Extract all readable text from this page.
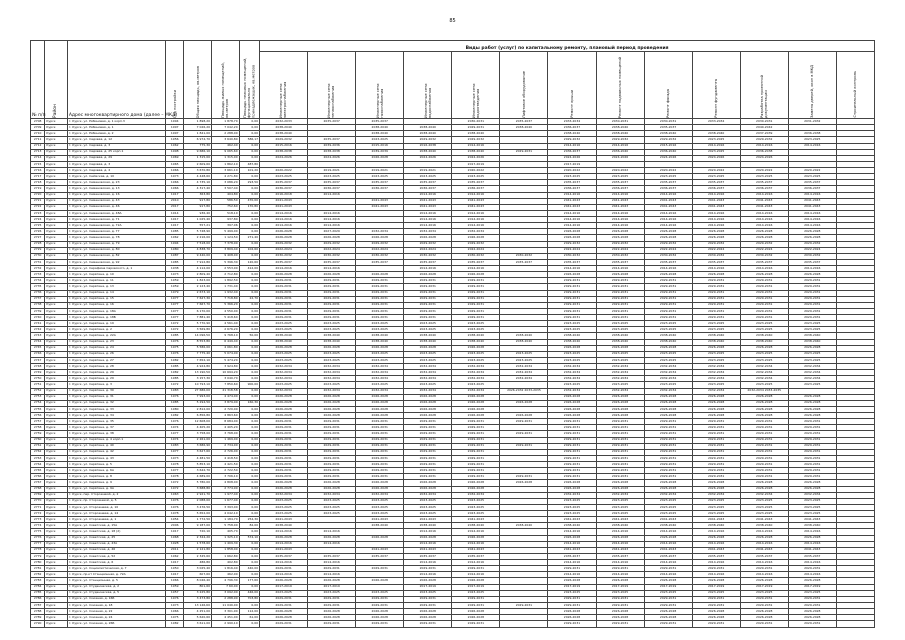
85
№ п/п	Район	Адрес многоквартирного дома (далее – МКД)	Год постройки	Общая площадь, кв.метров	Площадь жилых помещений, кв.метров	Площадь нежилых помещений, функционально принадлежащих, кв.метров	Виды работ (услуг) по капитальному ремонту, плановый период проведения												

							Инженерные сети электроснабжения	Инженерные сети теплоснабжения	Инженерные сети газоснабжения	Инженерные сети водоснабжения	Инженерные сети водоотведения	Лифтовое оборудование	Ремонт крыши	Ремонт подвальных помещений	Ремонт фасада	Ремонт фундамента	Разработка проектной документации	Замена дверей, окон в МКД	Строительный контроль

2708	Курск	г. Курск, ул. Рябиновая, д. 1 корп.3	1994	1 898,20	1 878,70	0,00	2032-2033	2035-2037	2035-2037		2030-2031	2035-2037	2033-2034	2030-2031	2030-2031	2033-2034	2030-2031	2031-2032	
2709	Курск	г. Курск, ул. Рябиновая, д. 1	1997	7 026,20	7 042,20	0,00	2038-2040		2038-2040	2038-2040	2029-2031	2038-2040	2036-2037	2038-2040	2035-2037		2040-2042		
2710	Курск	г. Курск, ул. Рябиновая, д. 2	1997	1 841,00	2 288,00	0,00	2038-2040		2038-2040	2038-2040	2038-2040		2038-2040	2038-2040	2038-2040	2038-2040	2037-2039	2036-2038	
2711	Курск	г. Курск, ул. Садовая, д. 12	1956	6 974,70	3 640,80	586,17	2029-2032	2035-2037	2023-2025	2029-2032	2029-2032		2029-2032	2029-2032	2029-2032	2023-2025	2029-2032	2023-2025	
2712	Курск	г. Курск, ул. Садовая, д. 3	1962	775,30	462,40	0,00	2015-2016	2039-2036	2015-2016	2016-2038	2014-2016		2014-2016	2014-2016	2015-2016	2014-2016	2014-2016	2014-2016	
2713	Курск	г. Курск, ул. Садовая, д. 25 корп.1	1998	9 686,10	9 065,60	0,00	2038-2038	2038-2038	2039-2039	2038-2040	2038-2040	2029-2031	2036-2037	2036-2040	2036-2040	2023-2025	2036-2038		
2714	Курск	г. Курск, ул. Садовая, д. 29	1969	1 315,00	1 315,00	0,00	2024-2026	2024-2026	2026-2028	2024-2026	2024-2026		2024-2026	2024-2026	2024-2026	2024-2026	2024-2026		
2715	Курск	г. Курск, ул. Садовая, д. 3	1965	2 609,60	1 862,10	487,80					2017-2019		2017-2019						
2716	Курск	г. Курск, ул. Садовая, д. 4	1966	3 670,80	3 661,10	101,20	2020-2022	2019-2021	2019-2021	2019-2021	2020-2022		2020-2022	2020-2022	2020-2022	2020-2022	2020-2022	2020-2022	
2717	Курск	г. Курск, ул. Сеймская, д. 10	1973	4 448,60	4 271,80	0,00	2023-2025	2023-2025	2023-2025	2023-2025	2023-2025		2023-2025	2023-2025	2023-2025	2023-2025	2023-2025	2023-2025	
2718	Курск	г. Курск, ул. Семеновская, д. 23	1966	4 735,10	3 086,20	293,50	2035-2037	2035-2037	2035-2037	2035-2037	2035-2037		2035-2037	2035-2037	2035-2037	2035-2037	2035-2037	2035-2037	
2719	Курск	г. Курск, ул. Семеновская, д. 13	1966	4 317,40	3 507,40	0,00	2036-2037	2036-2037	2036-2037	2036-2037	2036-2037		2036-2037	2036-2037	2036-2037	2036-2037	2036-2037	2036-2037	
2720	Курск	г. Курск, ул. Семеновская, д. 16	1917	363,80	404,80	0,00	2016-2018	2014-2016		2014-2016	2014-2016		2014-2016	2014-2016	2014-2016	2014-2016	2014-2016	2014-2016	
2721	Курск	г. Курск, ул. Семеновская, д. 43	2010	917,80	586,50	470,00	2041-2043		2041-2043	2041-2043	2041-2043		2041-2043	2041-2043	2041-2043	2041-2043	2041-2043	2041-2043	
2722	Курск	г. Курск, ул. Семеновская, д. 46	2017	917,80	752,60	170,80	2041-2043		2041-2043	2041-2043	2041-2043		2041-2043	2041-2043	2041-2043	2041-2043	2041-2043	2041-2043	
2723	Курск	г. Курск, ул. Семеновская, д. 48А	1914	936,40	518,10	0,00	2014-2016	2014-2016		2014-2016	2014-2016		2014-2016	2014-2016	2014-2016	2014-2016	2014-2016	2014-2016	
2724	Курск	г. Курск, ул. Семеновская, д. 71	1917	1 025,40	937,80	0,00	2014-2016	2014-2016		2014-2016	2014-2016		2014-2016	2014-2016	2014-2016	2014-2016	2014-2016	2014-2016	
2725	Курск	г. Курск, ул. Семеновская, д. 72А	1917	557,21	397,06	0,00	2014-2016	2014-2016		2014-2016	2014-2016		2014-2016	2014-2016	2014-2016	2014-2016	2014-2016	2014-2016	
2726	Курск	г. Курск, ул. Семеновская, д. 77	1985	5 748,90	5 499,00	0,00	2026-2028	2027-2029	2032-2034	2032-2034	2032-2034		2026-2028	2026-2028	2026-2028	2026-2028	2026-2028	2026-2028	
2727	Курск	г. Курск, ул. Семеновская, д. 78	1962	2 216,00	1 124,50	271,40	2026-2028	2026-2028	2026-2028	2026-2028	2026-2028		2026-2028	2026-2028	2026-2028	2026-2028	2026-2028	2026-2028	
2728	Курск	г. Курск, ул. Семеновская, д. 79	1994	7 518,00	7 378,00	0,00	2029-2032	2029-2032	2029-2032	2029-2032	2029-2032		2029-2032	2029-2032	2029-2032	2029-2032	2029-2032	2029-2032	
2729	Курск	г. Курск, ул. Семеновская, д. 80	1980	4 838,70	3 809,40	102,60	2022-2024	2022-2024	2022-2024	2022-2024	2022-2024		2022-2024	2022-2024	2022-2024	2022-2024	2022-2024	2022-2024	
2730	Курск	г. Курск, ул. Семеновская, д. 82	1987	9 440,00	9 408,00	0,00	2030-2032	2030-2032	2030-2032	2030-2032	2030-2032	2030-2032	2030-2032	2030-2032	2030-2032	2030-2032	2030-2032	2030-2032	
2731	Курск	г. Курск, ул. Семеновская, д. 92	1985	7 912,80	5 396,30	120,60	2035-2037	2035-2037	2035-2037	2035-2037	2035-2037	2035-2037	2035-2037	2035-2037	2035-2037	2035-2037	2035-2037	2035-2037	
2732	Курск	г. Курск, ул. Серафима Саровского, д. 1	1938	4 112,00	2 553,00	412,00	2014-2016	2014-2016		2014-2016	2014-2016		2014-2016	2014-2016	2014-2016	2014-2016	2014-2016	2014-2016	
2733	Курск	г. Курск, ул. Серёгина, д. 10	1973	2 809,40	2 712,80	0,00	2026-2028	2026-2028	2026-2028	2026-2028	2026-2028		2026-2028	2026-2028	2026-2028	2026-2028	2026-2028	2026-2028	
2734	Курск	г. Курск, ул. Серёгина, д. 11	1959	1 823,00	1 892,50	0,00	2029-2031	2029-2031	2029-2031	2029-2031	2029-2031		2029-2031	2029-2031	2029-2031	2029-2031	2029-2031	2029-2031	
2735	Курск	г. Курск, ул. Серёгина, д. 13	1959	2 123,40	1 731,40	0,00	2029-2031	2029-2031	2029-2031	2029-2031	2029-2031		2029-2031	2029-2031	2029-2031	2029-2031	2029-2031	2029-2031	
2736	Курск	г. Курск, ул. Серёгина, д. 14	1979	2 673,10	1 932,40	0,00	2029-2031	2029-2031	2029-2031	2029-2031	2029-2031		2029-2031	2029-2031	2029-2031	2029-2031	2029-2031	2029-2031	
2737	Курск	г. Курск, ул. Серёгина, д. 15	1977	7 627,30	7 718,80	22,70	2029-2031	2029-2031	2029-2031	2029-2031	2029-2031		2029-2031	2029-2031	2029-2031	2029-2031	2029-2031	2029-2031	
2738	Курск	г. Курск, ул. Серёгина, д. 16	1977	7 667,70	5 366,20	0,00	2029-2031	2029-2031	2029-2031	2029-2031	2029-2031		2029-2031	2029-2031	2029-2031	2029-2031	2029-2031	2029-2031	
2739	Курск	г. Курск, ул. Серёгина, д. 18А	1977	6 170,00	4 550,00	0,00	2029-2031	2029-2031	2029-2031	2029-2031	2029-2031		2029-2031	2029-2031	2029-2031	2029-2031	2029-2031	2029-2031	
2740	Курск	г. Курск, ул. Серёгина, д. 18Б	1977	7 881,40	5 418,60	0,00	2029-2031	2029-2031	2029-2031	2029-2031	2029-2031		2029-2031	2029-2031	2029-2031	2029-2031	2029-2031	2029-2031	
2741	Курск	г. Курск, ул. Серёгина, д. 19	1972	5 770,90	4 561,40	0,00	2023-2025	2023-2025	2023-2025	2023-2025	2023-2025		2023-2025	2023-2025	2023-2025	2023-2025	2023-2025	2023-2025	
2742	Курск	г. Курск, ул. Серёгина, д. 2	1972	3 569,80	2 676,20	0,00	2023-2025	2023-2025	2023-2025	2023-2025	2023-2025		2023-2025	2023-2025	2023-2025	2023-2025	2023-2025	2023-2025	
2743	Курск	г. Курск, ул. Серёгина, д. 22А	1985	14 096,50	9 768,10	50,00	2038-2040	2038-2040	2038-2040	2038-2040	2038-2040	2038-2040	2038-2040	2038-2040	2038-2040	2038-2040	2038-2040	2038-2040	
2744	Курск	г. Курск, ул. Серёгина, д. 23	1976	8 553,80	6 449,40	0,00	2038-2040	2038-2040	2038-2040	2038-2040	2038-2040	2038-2040	2038-2040	2038-2040	2038-2040	2038-2040	2038-2040	2038-2040	
2745	Курск	г. Курск, ул. Серёгина, д. 24	1975	5 586,00	4 061,80	0,00	2026-2028	2026-2028	2026-2028	2026-2028	2026-2028		2026-2028	2026-2028	2026-2028	2026-2028	2026-2028	2026-2028	
2746	Курск	г. Курск, ул. Серёгина, д. 26	1976	7 775,40	5 074,00	0,00	2023-2025	2023-2025	2023-2025	2023-2025	2023-2025	2023-2025	2023-2025	2023-2025	2023-2025	2023-2025	2023-2025	2023-2025	
2747	Курск	г. Курск, ул. Серёгина, д. 27	1982	7 652,10	5 474,20	0,00	2023-2025	2023-2025	2023-2025	2023-2025	2023-2025	2023-2025	2023-2025	2023-2025	2023-2025	2023-2025	2023-2025	2023-2025	
2748	Курск	г. Курск, ул. Серёгина, д. 28	1985	4 924,80	3 924,80	0,00	2032-2034	2032-2034	2032-2034	2032-2034	2032-2034	2032-2034	2032-2034	2032-2034	2032-2034	2032-2034	2032-2034	2032-2034	
2749	Курск	г. Курск, ул. Серёгина, д. 29	1982	13 190,50	10 694,20	0,00	2032-2034	2032-2034	2032-2034	2032-2034	2032-2034	2032-2034	2032-2034	2032-2034	2032-2034	2032-2034	2032-2034	2032-2034	
2750	Курск	г. Курск, ул. Серёгина, д. 29	1985	3 157,30	3 040,70	0,00	2032-2034	2032-2034	2032-2034	2032-2034	2032-2034	2032-2034	2032-2034	2032-2034	2032-2034	2032-2034	2032-2034	2032-2034	
2751	Курск	г. Курск, ул. Серёгина, д. 3	1972	10 793,10	7 850,60	900,00	2023-2025	2023-2025	2023-2025	2023-2025	2023-2025		2023-2025	2023-2025	2023-2025	2023-2025	2023-2025	2023-2025	
2752	Курск	г. Курск, ул. Серёгина, д. 30	1983	27 686,00	21 318,58	0,00	2032-2034	2032-2034	2032-2034	2032-2034	2032-2034	2026-2032 2033-2035	2032-2034	2032-2034	2032-2034	2032-2034	2032-2034 2033-2035		
2753	Курск	г. Курск, ул. Серёгина, д. 31	1976	7 993,00	4 474,00	0,00	2026-2028	2026-2028	2026-2028	2026-2028	2026-2028		2026-2028	2026-2028	2026-2028	2026-2028	2026-2028	2026-2028	
2754	Курск	г. Курск, ул. Серёгина, д. 32	1985	5 294,50	3 879,00	160,30	2026-2028	2026-2028	2026-2028	2026-2028	2026-2028	2026-2028	2026-2028	2026-2028	2026-2028	2026-2028	2026-2028	2026-2028	
2755	Курск	г. Курск, ул. Серёгина, д. 33	1980	2 812,00	2 720,00	0,00	2026-2028	2026-2028	2026-2028	2026-2028	2026-2028		2026-2028	2026-2028	2026-2028	2026-2028	2026-2028	2026-2028	
2756	Курск	г. Курск, ул. Серёгина, д. 34	1982	6 856,80	4 863,60	0,00	2026-2028	2026-2028	2026-2028	2026-2028	2026-2028	2026-2028	2026-2028	2026-2028	2026-2028	2026-2028	2026-2028	2026-2028	
2757	Курск	г. Курск, ул. Серёгина, д. 35	1976	12 608,00	8 684,00	0,00	2029-2031	2029-2031	2029-2031	2029-2031	2029-2031	2029-2031	2029-2031	2029-2031	2029-2031	2029-2031	2029-2031	2029-2031	
2758	Курск	г. Курск, ул. Серёгина, д. 37	1974	4 405,20	4 405,20	0,00	2029-2031	2029-2031	2029-2031	2029-2031	2029-2031		2029-2031	2029-2031	2029-2031	2029-2031	2029-2031	2029-2031	
2759	Курск	г. Курск, ул. Серёгина, д. 38	1977	3 758,00	3 768,00	0,00	2029-2031	2029-2031	2029-2031	2029-2031	2029-2031	2029-2031	2029-2031	2029-2031	2029-2031	2029-2031	2029-2031	2029-2031	
2760	Курск	г. Курск, ул. Серёгина, д. 4 корп.1	1974	2 261,00	1 469,00	0,00	2029-2031	2029-2031	2029-2031	2029-2031	2029-2031		2029-2031	2029-2031	2029-2031	2029-2031	2029-2031	2029-2031	
2761	Курск	г. Курск, ул. Серёгина, д. 40	1983	3 686,90	2 734,00	0,00	2029-2031	2029-2031	2029-2031	2029-2031	2029-2031	2029-2031	2029-2031	2029-2031	2029-2031	2029-2031	2029-2031	2029-2031	
2762	Курск	г. Курск, ул. Серёгина, д. 42	1977	3 627,60	2 726,00	0,00	2029-2031	2029-2031	2029-2031	2029-2031	2029-2031		2029-2031	2029-2031	2029-2031	2029-2031	2029-2031	2029-2031	
2763	Курск	г. Курск, ул. Серёгина, д. 43	1973	4 481,50	4 418,50	0,00	2029-2031	2029-2031	2029-2031	2029-2031	2029-2031		2029-2031	2029-2031	2029-2031	2029-2031	2029-2031	2029-2031	
2764	Курск	г. Курск, ул. Серёгина, д. 5	1978	5 853,10	4 421,50	0,00	2029-2031	2029-2031	2029-2031	2029-2031	2029-2031		2029-2031	2029-2031	2029-2031	2029-2031	2029-2031	2029-2031	
2765	Курск	г. Курск, ул. Серёгина, д. 6А	1977	3 642,70	2 722,50	0,00	2029-2031	2029-2031	2029-2031	2029-2031	2029-2031		2029-2031	2029-2031	2029-2031	2029-2031	2029-2031	2029-2031	
2766	Курск	г. Курск, ул. Серёгина, д. 8	1978	4 689,00	3 706,10	0,00	2029-2031	2029-2031	2029-2031	2029-2031	2029-2031	2029-2031	2029-2031	2029-2031	2029-2031	2029-2031	2029-2031	2029-2031	
2767	Курск	г. Курск, ул. Серёгина, д. 9	1972	5 780,00	4 808,00	0,00	2026-2028	2026-2028	2026-2028	2026-2028	2026-2028	2026-2028	2026-2028	2026-2028	2026-2028	2026-2028	2026-2028	2026-2028	
2768	Курск	г. Курск, ул. Серёгина, д. 9А	1972	3 688,80	2 774,90	0,00	2026-2028	2026-2028	2026-2028	2026-2028	2026-2028		2026-2028	2026-2028	2026-2028	2026-2028	2026-2028	2026-2028	
2769	Курск	г. Курск, пер. Сторожевой, д. 2	1963	2 921,70	1 977,40	0,00	2032-2034	2032-2034	2032-2034	2032-2034	2032-2034		2032-2034	2032-2034	2032-2034	2032-2034	2032-2034	2032-2034	
2770	Курск	г. Курск, пр. Сторожевой, д. 5	1976	2 088,00	1 677,40	0,00	2023-2025	2023-2025	2023-2025	2023-2025	2023-2025		2023-2025	2023-2025	2023-2025	2023-2025	2023-2025	2023-2025	
2771	Курск	г. Курск, ул. Сторожевая, д. 10	1976	3 476,50	3 393,00	0,00	2023-2025	2023-2025	2023-2025	2023-2025	2023-2025		2023-2025	2023-2025	2023-2025	2023-2025	2023-2025	2023-2025	
2772	Курск	г. Курск, ул. Сторожевая, д. 14	1978	5 652,00	4 042,10	0,00	2023-2025	2023-2025	2023-2025	2023-2025	2023-2025		2023-2025	2023-2025	2023-2025	2023-2025	2023-2025	2023-2025	
2773	Курск	г. Курск, ул. Сторожевая, д. 1	1954	1 772,50	1 184,70	254,30	2041-2043		2041-2043	2041-2043	2041-2043		2041-2043	2041-2043	2041-2043	2041-2043	2041-2043	2041-2043	
2774	Курск	г. Курск, ул. Советская, д. 15А	2006	9 187,00	5 758,00	82,00	2038-2040		2038-2040	2038-2040	2038-2040	2038-2040	2038-2040	2038-2040	2038-2040	2038-2040	2038-2040	2038-2040	
2775	Курск	г. Курск, ул. Советская, д. 18 (2)	1917	720,10	405,70	0,00	2014-2016	2014-2016		2014-2016	2014-2016		2014-2016	2014-2016	2014-2016	2014-2016	2014-2016	2014-2016	
2776	Курск	г. Курск, ул. Советская, д. 25	1968	2 344,20	1 325,10	574,10	2026-2028	2026-2028	2026-2028	2026-2028	2026-2028		2026-2028	2026-2028	2026-2028	2026-2028	2026-2028	2026-2028	
2777	Курск	г. Курск, ул. Советская, д. 43А	1928	1 578,60	1 409,30	0,00	2014-2016	2014-2016		2014-2016	2014-2016		2014-2016	2014-2016	2014-2016	2014-2016	2014-2016	2014-2016	
2778	Курск	г. Курск, ул. Советская, д. 46	2011	2 121,80	1 858,00	0,00	2041-2043		2041-2043	2041-2043	2041-2043		2041-2043	2041-2043	2041-2043	2041-2043	2041-2043	2041-2043	
2779	Курск	г. Курск, ул. Советская, д. 52	1962	2 345,60	1 662,80	0,00	2035-2037	2035-2037	2035-2037	2035-2037	2035-2037		2035-2037	2035-2037	2035-2037	2035-2037	2035-2037	2035-2037	
2780	Курск	г. Курск, ул. Советская, д. 6	1917	486,80	402,80	0,00	2014-2016	2014-2016		2014-2016	2014-2016		2014-2016	2014-2016	2014-2016	2014-2016	2014-2016	2014-2016	
2781	Курск	г. Курск, ул. Социалистическая, д. 7	1950	3 025,40	1 816,40	440,00	2029-2031	2029-2031	2029-2031	2029-2031	2029-2031		2029-2031	2029-2031	2029-2031	2029-2031	2029-2031	2029-2031	
2782	Курск	г. Курск, пр-кт Станционная, д. 72А	1917	607,60	462,00	0,00	2014-2016	2014-2016		2014-2016	2014-2016		2014-2016	2014-2016	2014-2016	2014-2016	2014-2016	2014-2016	
2783	Курск	г. Курск, ул. Станционная, д. 5	1966	8 046,40	4 796,30	177,60	2026-2028	2026-2028	2026-2028	2026-2028	2026-2028		2026-2028	2026-2028	2026-2028	2026-2028	2026-2028	2026-2028	
2784	Курск	г. Курск, ул. Студенческая, д. 2	1959	801,60	7 60,00	0,00	2017-2019	2017-2019		2017-2019	2017-2019		2017-2019	2017-2019	2017-2019	2017-2019	2017-2019	2017-2019	
2785	Курск	г. Курск, ул. Студенческая, д. 5	1957	3 225,80	3 092,00	446,00	2023-2025	2023-2025	2023-2025	2023-2025	2023-2025		2023-2025	2023-2025	2023-2025	2023-2025	2023-2025	2023-2025	
2786	Курск	г. Курск, ул. Союзная, д. 16Б	1976	3 473,80	2 288,90	703,80	2029-2031	2029-2031	2029-2031	2029-2031	2029-2031		2029-2031	2029-2031	2029-2031	2029-2031	2029-2031	2029-2031	
2787	Курск	г. Курск, ул. Союзная, д. 18	1973	13 146,60	11 049,00	0,00	2029-2031	2029-2031	2029-2031	2029-2031	2029-2031	2029-2031	2029-2031	2029-2031	2029-2031	2029-2031	2029-2031	2029-2031	
2788	Курск	г. Курск, ул. Союзная, д. 22	1966	4 251,00	3 301,90	112,00	2026-2028	2026-2028	2026-2028	2026-2028	2026-2028		2026-2028	2026-2028	2026-2028	2026-2028	2026-2028	2026-2028	
2789	Курск	г. Курск, ул. Союзная, д. 24	1975	5 620,60	4 451,00	61,00	2026-2028	2026-2028	2026-2028	2026-2028	2026-2028		2026-2028	2026-2028	2026-2028	2026-2028	2026-2028	2026-2028	
2790	Курск	г. Курск, ул. Союзная, д. 26Б	1982	3 611,00	2 990,10	0,00	2029-2031	2029-2031	2029-2031	2029-2031	2029-2031		2029-2031	2029-2031	2029-2031	2029-2031	2029-2031	2029-2031	
